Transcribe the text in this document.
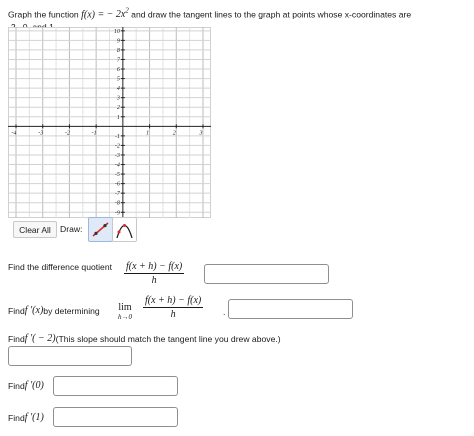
Graph the function f(x) = − $2x^2$ and draw the tangent lines to the graph at points whose x-coordinates are

-4	-3	-2	-1	1	2	3
10
9
8
7
6
5
4
3
2
1
-1
-2
-3
-4
-5
-6
-7
-8
-9
Clear All	Draw:
Find the difference quotient $\frac{f(x + h) - f(x)}{h}$
Find f ′(x) by determining lim
$h\to 0 \frac{f(x + h) - f(x)}{h}$ .
Find f ′( − 2) (This slope should match the tangent line you drew above.)
Find f ′(0)
Find f ′(1)
